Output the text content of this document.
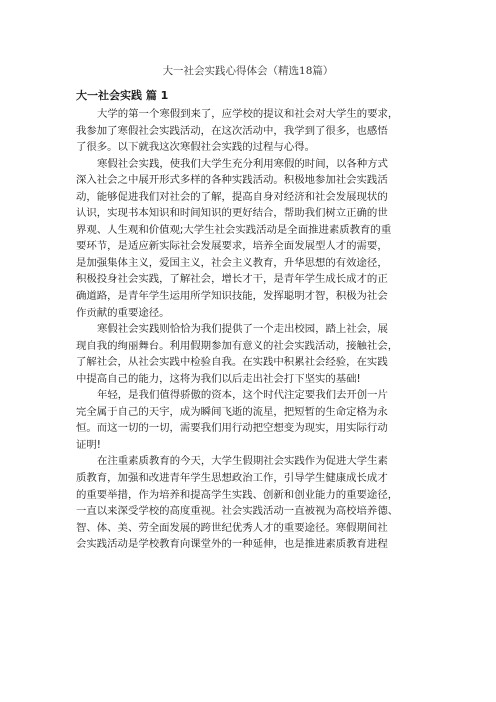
大一社会实践心得体会（精选18篇）
大一社会实践 篇 1
大学的第一个寒假到来了，应学校的提议和社会对大学生的要求，
我参加了寒假社会实践活动，在这次活动中，我学到了很多，也感悟
了很多。以下就我这次寒假社会实践的过程与心得。
寒假社会实践，使我们大学生充分利用寒假的时间，以各种方式
深入社会之中展开形式多样的各种实践活动。积极地参加社会实践活
动，能够促进我们对社会的了解，提高自身对经济和社会发展现状的
认识，实现书本知识和时间知识的更好结合，帮助我们树立正确的世
界观、人生观和价值观;大学生社会实践活动是全面推进素质教育的重
要环节，是适应新实际社会发展要求，培养全面发展型人才的需要，
是加强集体主义，爱国主义，社会主义教育，升华思想的有效途径，
积极投身社会实践，了解社会，增长才干，是青年学生成长成才的正
确道路，是青年学生运用所学知识技能，发挥聪明才智，积极为社会
作贡献的重要途径。
寒假社会实践则恰恰为我们提供了一个走出校园，踏上社会，展
现自我的绚丽舞台。利用假期参加有意义的社会实践活动，接触社会，
了解社会，从社会实践中检验自我。在实践中积累社会经验，在实践
中提高自己的能力，这将为我们以后走出社会打下坚实的基础!
年轻，是我们值得骄傲的资本，这个时代注定要我们去开创一片
完全属于自己的天宇，成为瞬间飞逝的流星，把短暂的生命定格为永
恒。而这一切的一切，需要我们用行动把空想变为现实，用实际行动
证明!
在注重素质教育的今天，大学生假期社会实践作为促进大学生素
质教育，加强和改进青年学生思想政治工作，引导学生健康成长成才
的重要举措，作为培养和提高学生实践、创新和创业能力的重要途径，
一直以来深受学校的高度重视。社会实践活动一直被视为高校培养德、
智、体、美、劳全面发展的跨世纪优秀人才的重要途径。寒假期间社
会实践活动是学校教育向课堂外的一种延伸，也是推进素质教育进程
